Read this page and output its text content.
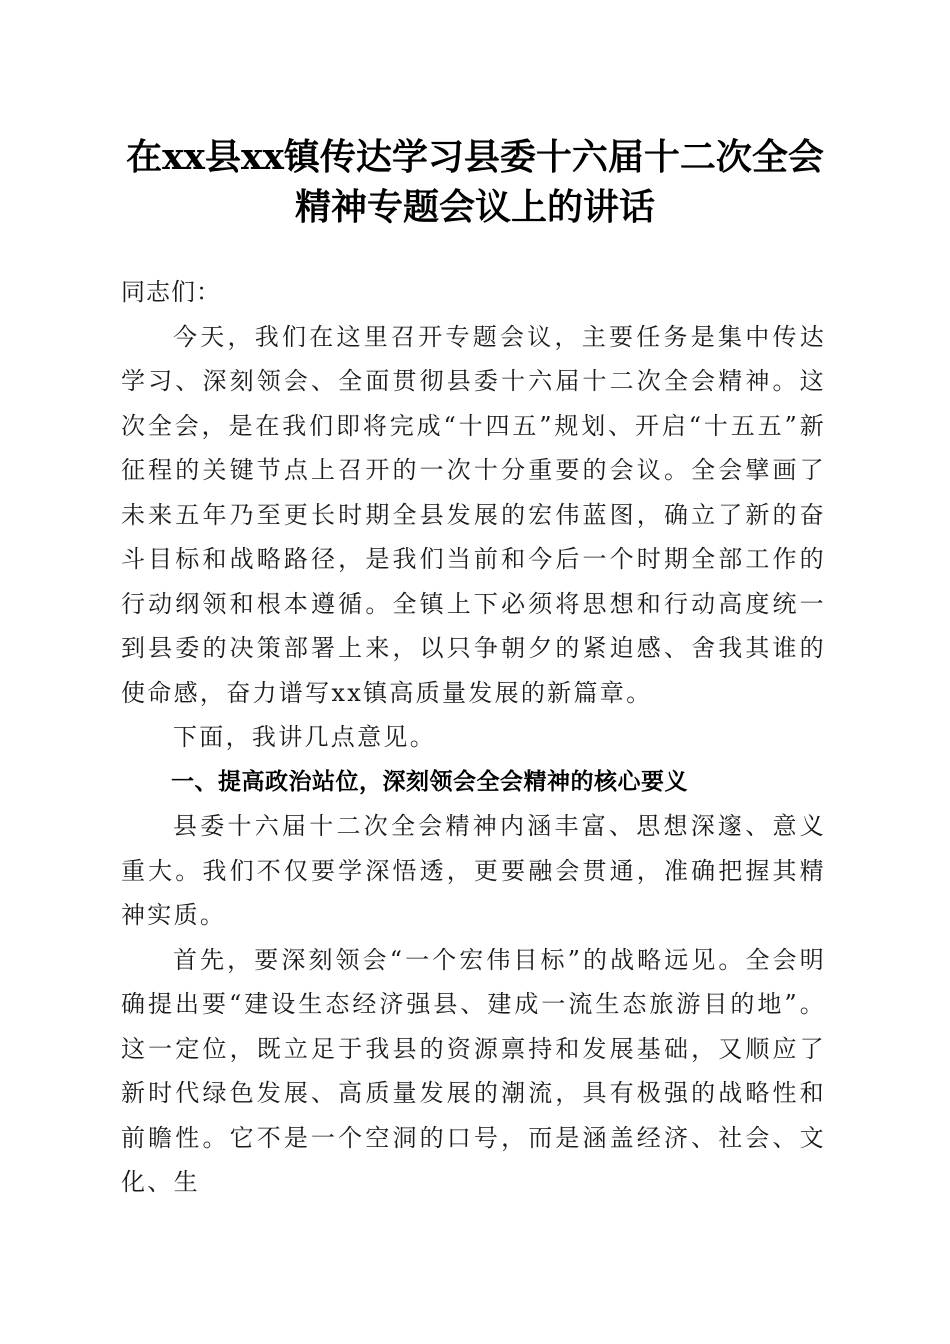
在xx县xx镇传达学习县委十六届十二次全会
精神专题会议上的讲话

同志们：

今天，我们在这里召开专题会议，主要任务是集中传达学习、深刻领会、全面贯彻县委十六届十二次全会精神。这次全会，是在我们即将完成“十四五”规划、开启“十五五”新征程的关键节点上召开的一次十分重要的会议。全会擘画了未来五年乃至更长时期全县发展的宏伟蓝图，确立了新的奋斗目标和战略路径，是我们当前和今后一个时期全部工作的行动纲领和根本遵循。全镇上下必须将思想和行动高度统一到县委的决策部署上来，以只争朝夕的紧迫感、舍我其谁的使命感，奋力谱写xx镇高质量发展的新篇章。

下面，我讲几点意见。

一、提高政治站位，深刻领会全会精神的核心要义

县委十六届十二次全会精神内涵丰富、思想深邃、意义重大。我们不仅要学深悟透，更要融会贯通，准确把握其精神实质。

首先，要深刻领会“一个宏伟目标”的战略远见。全会明确提出要“建设生态经济强县、建成一流生态旅游目的地”。这一定位，既立足于我县的资源禀持和发展基础，又顺应了新时代绿色发展、高质量发展的潮流，具有极强的战略性和前瞻性。它不是一个空洞的口号，而是涵盖经济、社会、文化、生
